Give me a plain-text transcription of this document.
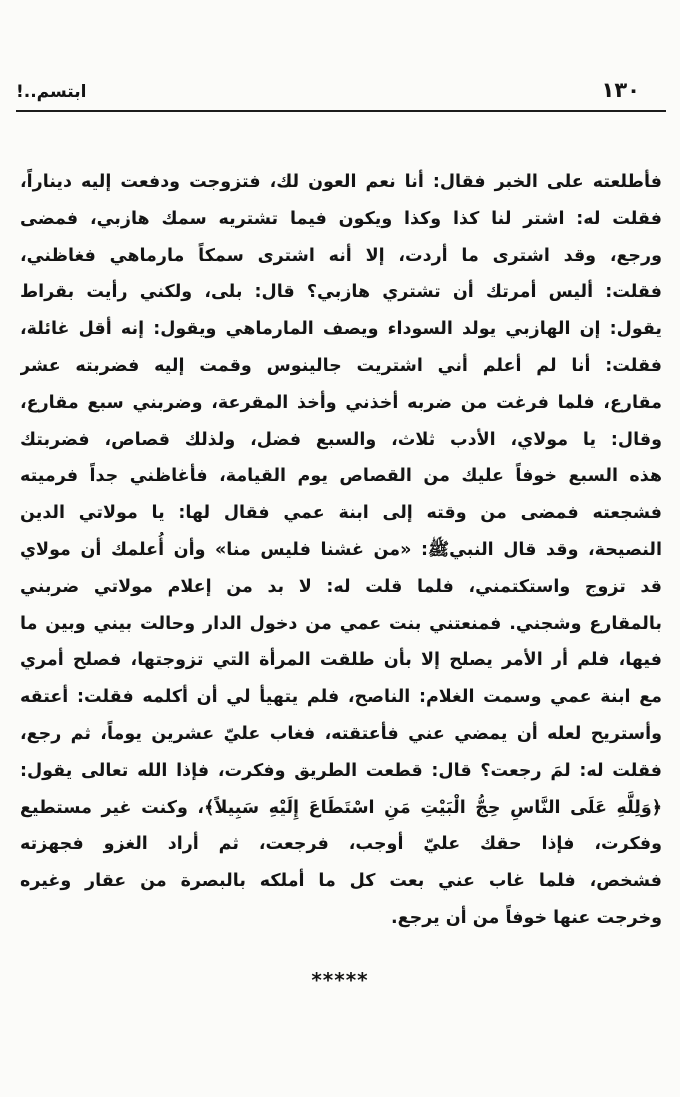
ابتسم..!	١٣٠
فأطلعته على الخبر فقال: أنا نعم العون لك، فتزوجت ودفعت إليه ديناراً،
فقلت له: اشتر لنا كذا وكذا ويكون فيما تشتريه سمك هازبي، فمضى
ورجع، وقد اشترى ما أردت، إلا أنه اشترى سمكاً مارماهي فغاظني،
فقلت: أليس أمرتك أن تشتري هازبي؟ قال: بلى، ولكني رأيت بقراط
يقول: إن الهازبي يولد السوداء ويصف المارماهي ويقول: إنه أقل غائلة،
فقلت: أنا لم أعلم أني اشتريت جالينوس وقمت إليه فضربته عشر
مقارع، فلما فرغت من ضربه أخذني وأخذ المقرعة، وضربني سبع مقارع،
وقال: يا مولاي، الأدب ثلاث، والسبع فضل، ولذلك قصاص، فضربتك
هذه السبع خوفاً عليك من القصاص يوم القيامة، فأغاظني جداً فرميته
فشجعته فمضى من وقته إلى ابنة عمي فقال لها: يا مولاتي الدين
النصيحة، وقد قال النبيﷺ: «من غشنا فليس منا» وأن أُعلمك أن مولاي
قد تزوج واستكتمني، فلما قلت له: لا بد من إعلام مولاتي ضربني
بالمقارع وشجني. فمنعتني بنت عمي من دخول الدار وحالت بيني وبين ما
فيها، فلم أر الأمر يصلح إلا بأن طلقت المرأة التي تزوجتها، فصلح أمري
مع ابنة عمي وسمت الغلام: الناصح، فلم يتهيأ لي أن أكلمه فقلت: أعتقه
وأستريح لعله أن يمضي عني فأعتقته، فغاب عليّ عشرين يوماً، ثم رجع،
فقلت له: لمَ رجعت؟ قال: قطعت الطريق وفكرت، فإذا الله تعالى يقول:
﴿وَلِلَّهِ عَلَى النَّاسِ حِجُّ الْبَيْتِ مَنِ اسْتَطَاعَ إِلَيْهِ سَبِيلاً﴾، وكنت غير مستطيع
وفكرت، فإذا حقك عليّ أوجب، فرجعت، ثم أراد الغزو فجهزته
فشخص، فلما غاب عني بعت كل ما أملكه بالبصرة من عقار وغيره
وخرجت عنها خوفاً من أن يرجع.
*****
